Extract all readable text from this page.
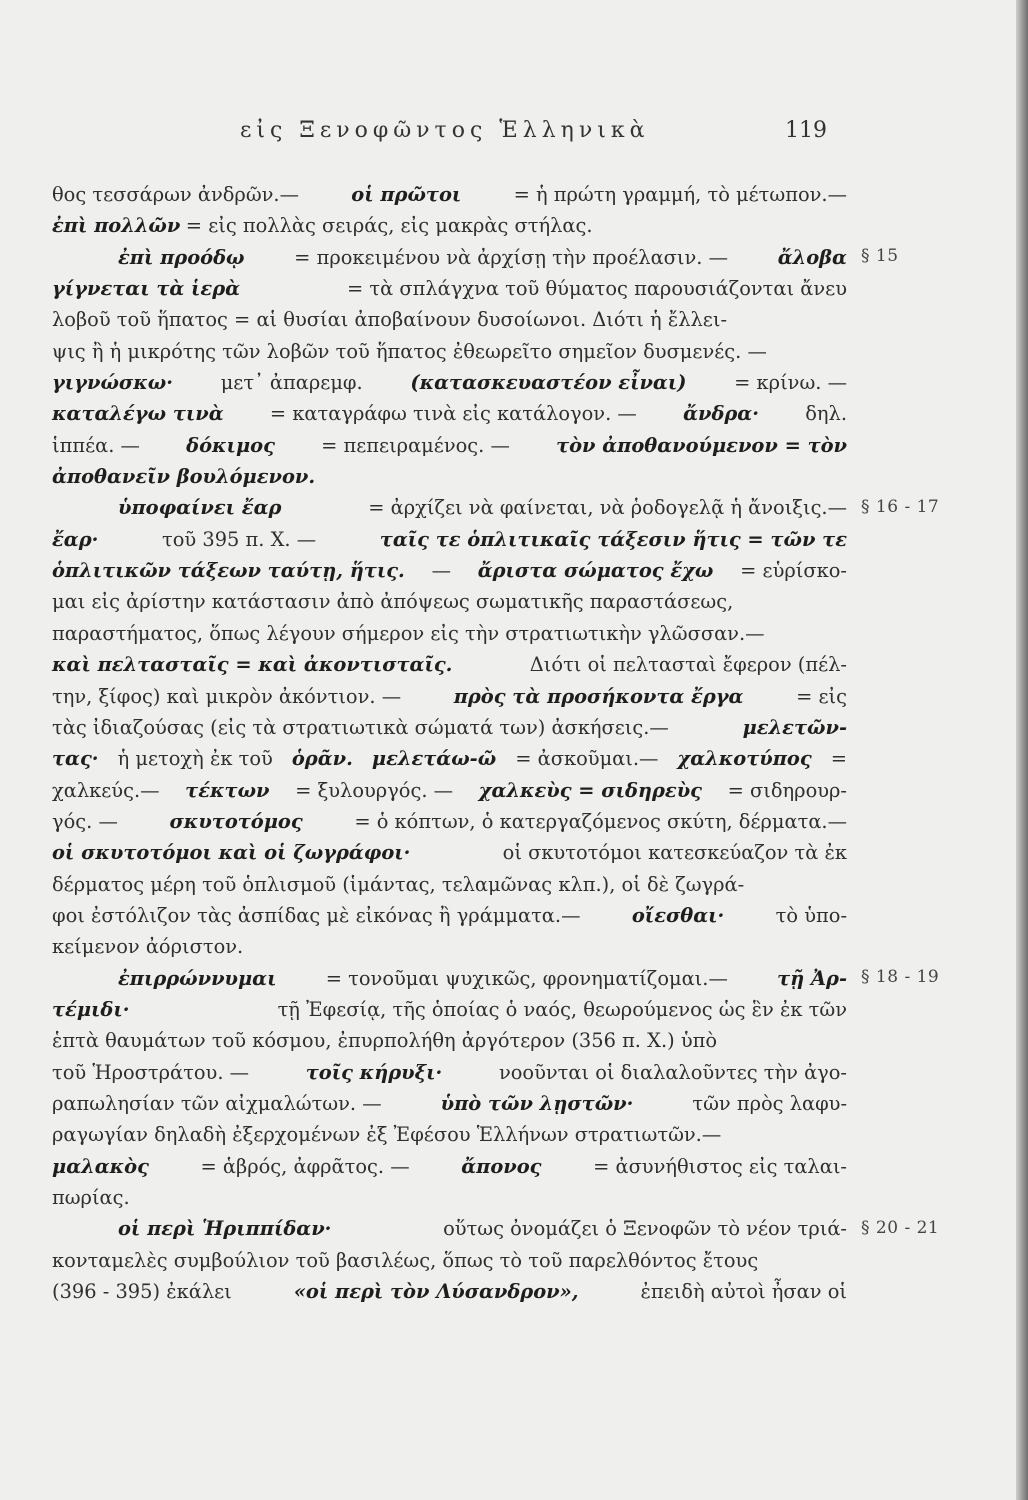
εἰς Ξενοφῶντος Ἑλληνικὰ	119
θος τεσσάρων ἀνδρῶν.—	οἱ πρῶτοι	= ἡ πρώτη γραμμή, τὸ μέτωπον.—
ἐπὶ πολλῶν = εἰς πολλὰς σειράς, εἰς μακρὰς στήλας.
ἐπὶ προόδῳ	= προκειμένου νὰ ἀρχίσῃ τὴν προέλασιν. —	ἄλοβα
γίγνεται τὰ ἱερὰ	= τὰ σπλάγχνα τοῦ θύματος παρουσιάζονται ἄνευ
λοβοῦ τοῦ ἥπατος = αἱ θυσίαι ἀποβαίνουν δυσοίωνοι. Διότι ἡ ἔλλει-
ψις ἢ ἡ μικρότης τῶν λοβῶν τοῦ ἥπατος ἐθεωρεῖτο σημεῖον δυσμενές. —
γιγνώσκω· μετ᾽ ἀπαρεμφ. (κατασκευαστέον εἶναι) = κρίνω. —
καταλέγω τινὰ = καταγράφω τινὰ εἰς κατάλογον. — ἄνδρα· δηλ.
ἱππέα. — δόκιμος = πεπειραμένος. — τὸν ἀποθανούμενον = τὸν
ἀποθανεῖν βουλόμενον.
ὑποφαίνει ἔαρ	= ἀρχίζει νὰ φαίνεται, νὰ ῥοδογελᾷ ἡ ἄνοιξις.—
ἔαρ·	τοῦ 395 π. Χ. —	ταῖς τε ὁπλιτικαῖς τάξεσιν ἥτις = τῶν τε
ὁπλιτικῶν τάξεων ταύτῃ, ἥτις. — ἄριστα σώματος ἔχω = εὑρίσκο-
μαι εἰς ἀρίστην κατάστασιν ἀπὸ ἀπόψεως σωματικῆς παραστάσεως,
παραστήματος, ὅπως λέγουν σήμερον εἰς τὴν στρατιωτικὴν γλῶσσαν.—
καὶ πελτασταῖς = καὶ ἀκοντισταῖς.	Διότι οἱ πελτασταὶ ἔφερον (πέλ-
την, ξίφος) καὶ μικρὸν ἀκόντιον. —	πρὸς τὰ προσήκοντα ἔργα	= εἰς
τὰς ἰδιαζούσας (εἰς τὰ στρατιωτικὰ σώματά των) ἀσκήσεις.—	μελετῶν-
τας· ἡ μετοχὴ ἐκ τοῦ ὁρᾶν. μελετάω-ῶ = ἀσκοῦμαι.— χαλκοτύπος =
χαλκεύς.— τέκτων = ξυλουργός. — χαλκεὺς = σιδηρεὺς = σιδηρουρ-
γός. —	σκυτοτόμος	= ὁ κόπτων, ὁ κατεργαζόμενος σκύτη, δέρματα.—
οἱ σκυτοτόμοι καὶ οἱ ζωγράφοι·	οἱ σκυτοτόμοι κατεσκεύαζον τὰ ἐκ
δέρματος μέρη τοῦ ὁπλισμοῦ (ἱμάντας, τελαμῶνας κλπ.), οἱ δὲ ζωγρά-
φοι ἐστόλιζον τὰς ἀσπίδας μὲ εἰκόνας ἢ γράμματα.—	οἴεσθαι·	τὸ ὑπο-
κείμενον ἀόριστον.
ἐπιρρώννυμαι	= τονοῦμαι ψυχικῶς, φρονηματίζομαι.—	τῇ Ἀρ-
τέμιδι·	τῇ Ἐφεσίᾳ, τῆς ὁποίας ὁ ναός, θεωρούμενος ὡς ἓν ἐκ τῶν
ἑπτὰ θαυμάτων τοῦ κόσμου, ἐπυρπολήθη ἀργότερον (356 π. Χ.) ὑπὸ
τοῦ Ἡροστράτου. —	τοῖς κήρυξι·	νοοῦνται οἱ διαλαλοῦντες τὴν ἀγο-
ραπωλησίαν τῶν αἰχμαλώτων. —	ὑπὸ τῶν λῃστῶν·	τῶν πρὸς λαφυ-
ραγωγίαν δηλαδὴ ἐξερχομένων ἐξ Ἐφέσου Ἑλλήνων στρατιωτῶν.—
μαλακὸς	= ἁβρός, ἀφρᾶτος. —	ἄπονος	= ἀσυνήθιστος εἰς ταλαι-
πωρίας.
οἱ περὶ Ἡριππίδαν·	οὕτως ὀνομάζει ὁ Ξενοφῶν τὸ νέον τριά-
κονταμελὲς συμβούλιον τοῦ βασιλέως, ὅπως τὸ τοῦ παρελθόντος ἔτους
(396 - 395) ἐκάλει	«οἱ περὶ τὸν Λύσανδρον»,	ἐπειδὴ αὐτοὶ ἦσαν οἱ
§ 15
§ 16 - 17
§ 18 - 19
§ 20 - 21
